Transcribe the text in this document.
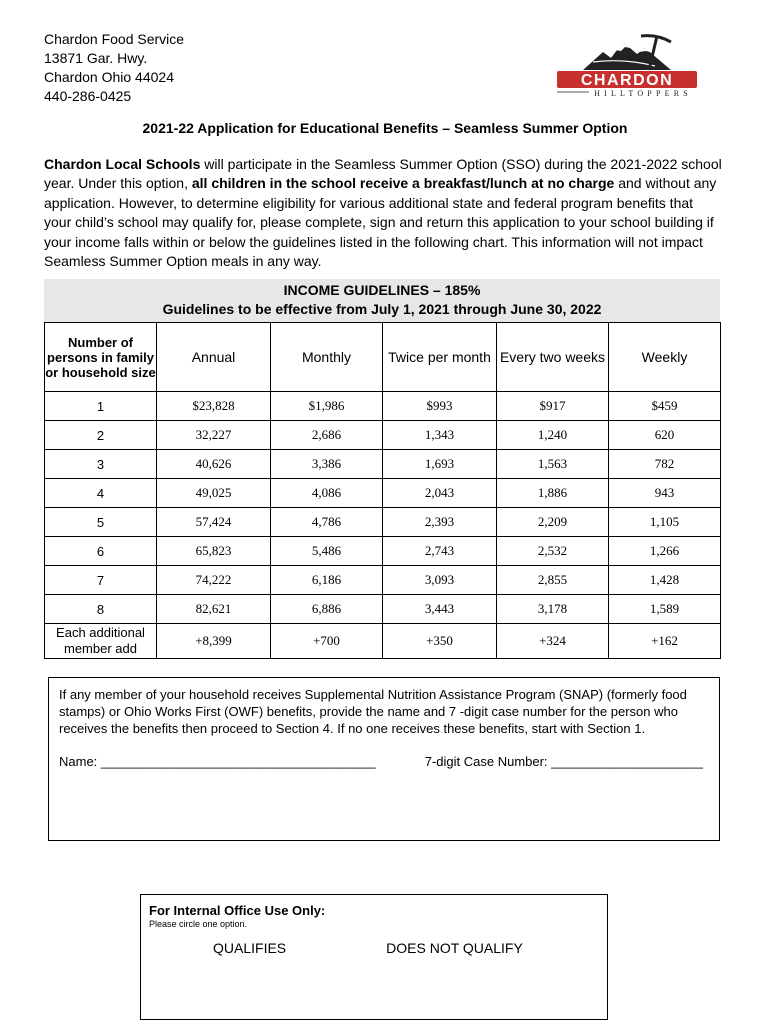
Chardon Food Service
13871 Gar. Hwy.
Chardon Ohio 44024
440-286-0425
CHARDON
HILLTOPPERS
2021-22 Application for Educational Benefits – Seamless Summer Option
Chardon Local Schools will participate in the Seamless Summer Option (SSO) during the 2021-2022 school year. Under this option, all children in the school receive a breakfast/lunch at no charge and without any application. However, to determine eligibility for various additional state and federal program benefits that your child’s school may qualify for, please complete, sign and return this application to your school building if your income falls within or below the guidelines listed in the following chart. This information will not impact Seamless Summer Option meals in any way.
INCOME GUIDELINES – 185%
Guidelines to be effective from July 1, 2021 through June 30, 2022
Number of persons in family or household size	Annual	Monthly	Twice per month	Every two weeks	Weekly
1	$23,828	$1,986	$993	$917	$459
2	32,227	2,686	1,343	1,240	620
3	40,626	3,386	1,693	1,563	782
4	49,025	4,086	2,043	1,886	943
5	57,424	4,786	2,393	2,209	1,105
6	65,823	5,486	2,743	2,532	1,266
7	74,222	6,186	3,093	2,855	1,428
8	82,621	6,886	3,443	3,178	1,589
Each additional member add	+8,399	+700	+350	+324	+162
If any member of your household receives Supplemental Nutrition Assistance Program (SNAP) (formerly food stamps) or Ohio Works First (OWF) benefits, provide the name and 7 -digit case number for the person who receives the benefits then proceed to Section 4. If no one receives these benefits, start with Section 1.
Name: ______________________________________	7-digit Case Number: _____________________
For Internal Office Use Only:
Please circle one option.
QUALIFIES	DOES NOT QUALIFY
